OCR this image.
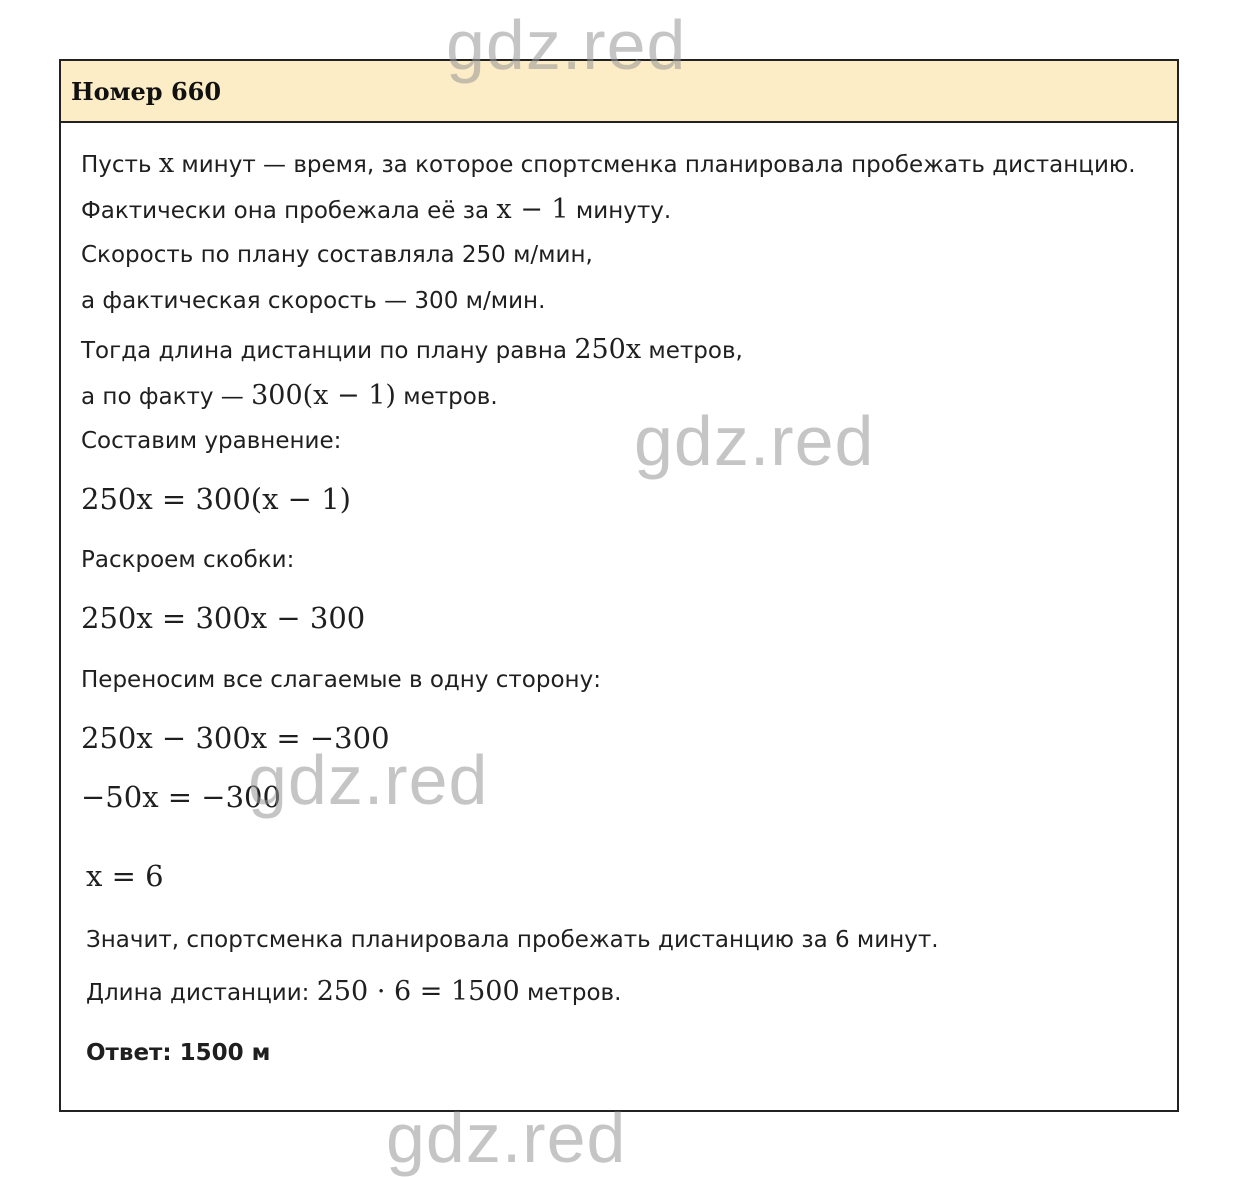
Номер 660
Пусть x минут — время, за которое спортсменка планировала пробежать дистанцию.
Фактически она пробежала её за x − 1 минуту.
Скорость по плану составляла 250 м/мин,
а фактическая скорость — 300 м/мин.
Тогда длина дистанции по плану равна 250x метров,
а по факту — 300(x − 1) метров.
Составим уравнение:
250x = 300(x − 1)
Раскроем скобки:
250x = 300x − 300
Переносим все слагаемые в одну сторону:
250x − 300x = −300
−50x = −300
x = 6
Значит, спортсменка планировала пробежать дистанцию за 6 минут.
Длина дистанции: 250 · 6 = 1500 метров.
Ответ: 1500 м
gdz.red
gdz.red
gdz.red
gdz.red
